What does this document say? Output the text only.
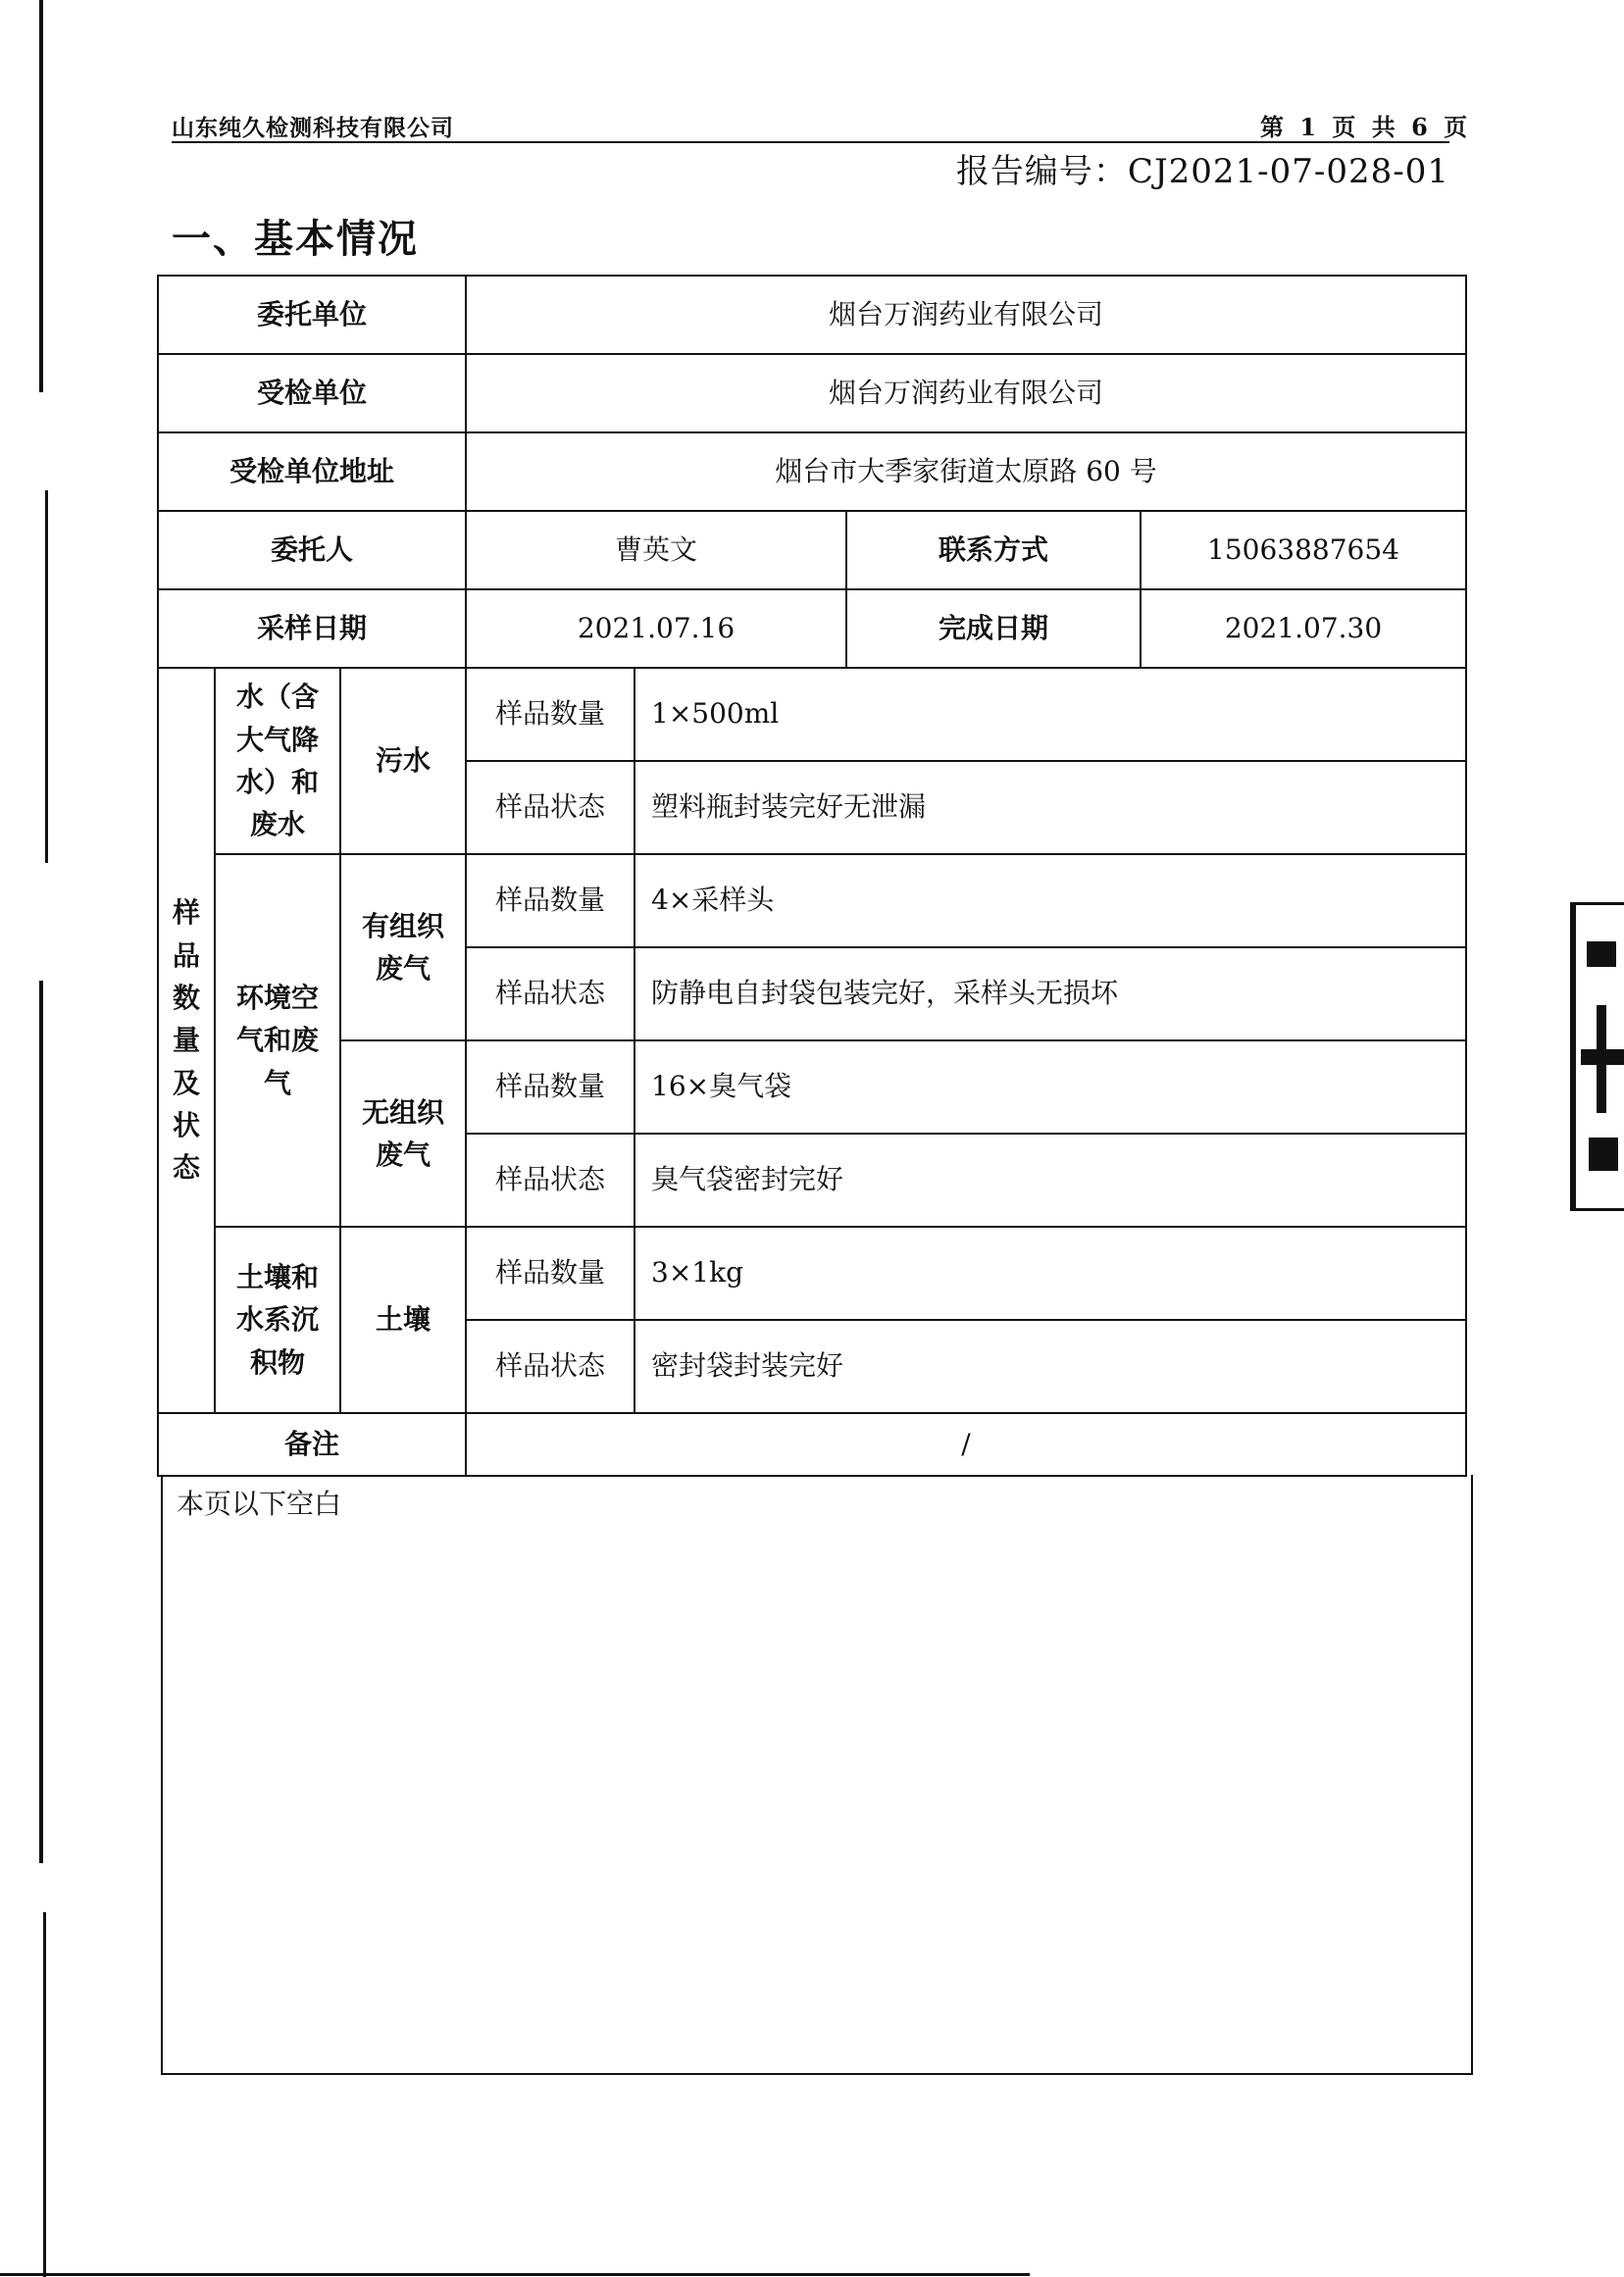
山东纯久检测科技有限公司	第 1 页 共 6 页
报告编号：CJ2021-07-028-01
一、基本情况
委托单位			烟台万润药业有限公司			
受检单位			烟台万润药业有限公司			
受检单位地址			烟台市大季家街道太原路 60 号			
委托人			曹英文		联系方式	15063887654
采样日期			2021.07.16		完成日期	2021.07.30
样品数量及状态	水（含大气降水）和废水	污水	样品数量	1×500ml		
			样品状态	塑料瓶封装完好无泄漏		
	环境空气和废气	有组织废气	样品数量	4×采样头		
			样品状态	防静电自封袋包装完好，采样头无损坏		
		无组织废气	样品数量	16×臭气袋		
			样品状态	臭气袋密封完好		
	土壤和水系沉积物	土壤	样品数量	3×1kg		
			样品状态	密封袋封装完好		
备注			/			
本页以下空白
